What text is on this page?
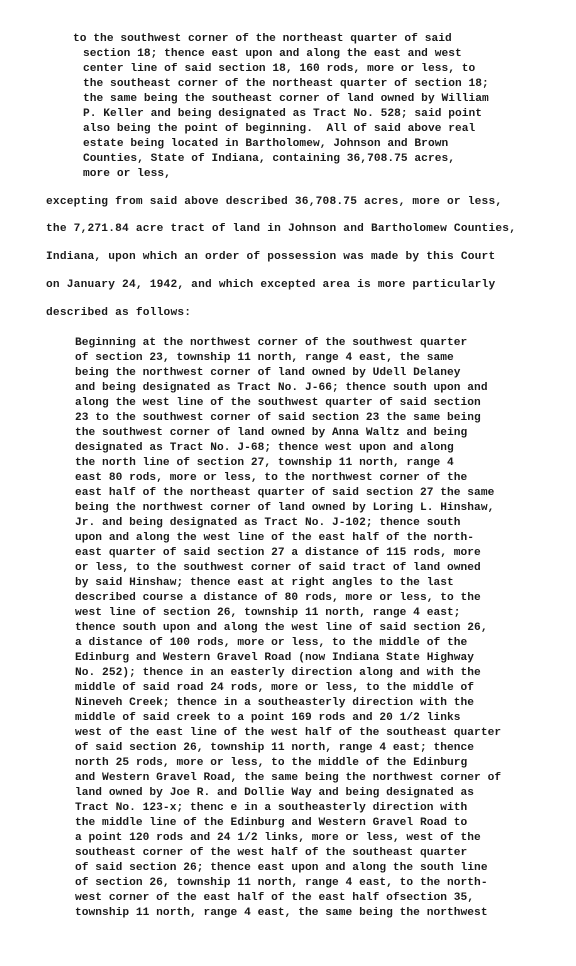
to the southwest corner of the northeast quarter of said
section 18; thence east upon and along the east and west
center line of said section 18, 160 rods, more or less, to
the southeast corner of the northeast quarter of section 18;
the same being the southeast corner of land owned by William
P. Keller and being designated as Tract No. 528; said point
also being the point of beginning.  All of said above real
estate being located in Bartholomew, Johnson and Brown
Counties, State of Indiana, containing 36,708.75 acres,
more or less,
excepting from said above described 36,708.75 acres, more or less,
the 7,271.84 acre tract of land in Johnson and Bartholomew Counties,
Indiana, upon which an order of possession was made by this Court
on January 24, 1942, and which excepted area is more particularly
described as follows:
Beginning at the northwest corner of the southwest quarter
of section 23, township 11 north, range 4 east, the same
being the northwest corner of land owned by Udell Delaney
and being designated as Tract No. J-66; thence south upon and
along the west line of the southwest quarter of said section
23 to the southwest corner of said section 23 the same being
the southwest corner of land owned by Anna Waltz and being
designated as Tract No. J-68; thence west upon and along
the north line of section 27, township 11 north, range 4
east 80 rods, more or less, to the northwest corner of the
east half of the northeast quarter of said section 27 the same
being the northwest corner of land owned by Loring L. Hinshaw,
Jr. and being designated as Tract No. J-102; thence south
upon and along the west line of the east half of the north-
east quarter of said section 27 a distance of 115 rods, more
or less, to the southwest corner of said tract of land owned
by said Hinshaw; thence east at right angles to the last
described course a distance of 80 rods, more or less, to the
west line of section 26, township 11 north, range 4 east;
thence south upon and along the west line of said section 26,
a distance of 100 rods, more or less, to the middle of the
Edinburg and Western Gravel Road (now Indiana State Highway
No. 252); thence in an easterly direction along and with the
middle of said road 24 rods, more or less, to the middle of
Nineveh Creek; thence in a southeasterly direction with the
middle of said creek to a point 169 rods and 20 1/2 links
west of the east line of the west half of the southeast quarter
of said section 26, township 11 north, range 4 east; thence
north 25 rods, more or less, to the middle of the Edinburg
and Western Gravel Road, the same being the northwest corner of
land owned by Joe R. and Dollie Way and being designated as
Tract No. 123-x; thenc e in a southeasterly direction with
the middle line of the Edinburg and Western Gravel Road to
a point 120 rods and 24 1/2 links, more or less, west of the
southeast corner of the west half of the southeast quarter
of said section 26; thence east upon and along the south line
of section 26, township 11 north, range 4 east, to the north-
west corner of the east half of the east half ofsection 35,
township 11 north, range 4 east, the same being the northwest
